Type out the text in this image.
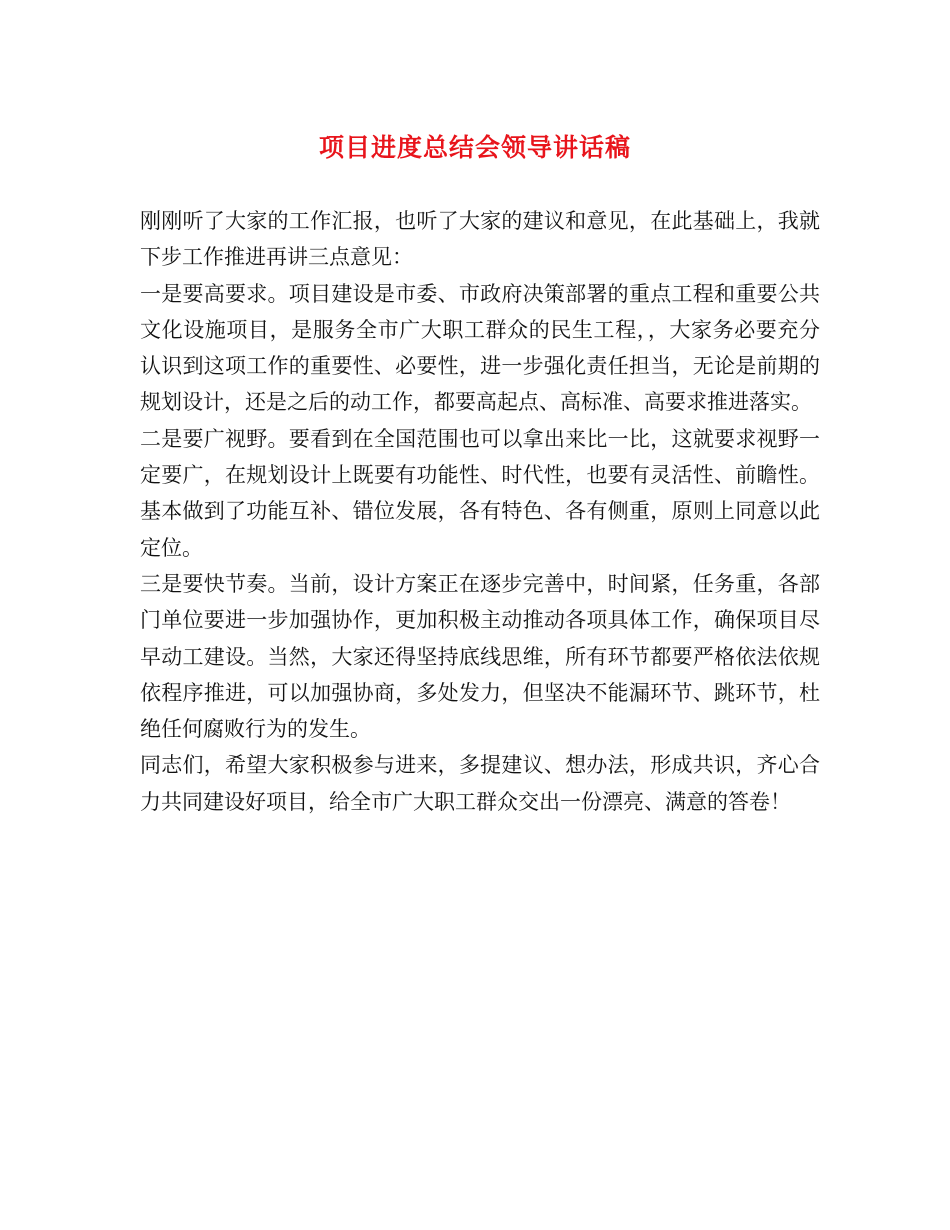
项目进度总结会领导讲话稿

刚刚听了大家的工作汇报，也听了大家的建议和意见，在此基础上，我就下步工作推进再讲三点意见：

一是要高要求。项目建设是市委、市政府决策部署的重点工程和重要公共文化设施项目，是服务全市广大职工群众的民生工程，，大家务必要充分认识到这项工作的重要性、必要性，进一步强化责任担当，无论是前期的规划设计，还是之后的动工作，都要高起点、高标准、高要求推进落实。

二是要广视野。要看到在全国范围也可以拿出来比一比，这就要求视野一定要广，在规划设计上既要有功能性、时代性，也要有灵活性、前瞻性。基本做到了功能互补、错位发展，各有特色、各有侧重，原则上同意以此定位。

三是要快节奏。当前，设计方案正在逐步完善中，时间紧，任务重，各部门单位要进一步加强协作，更加积极主动推动各项具体工作，确保项目尽早动工建设。当然，大家还得坚持底线思维，所有环节都要严格依法依规依程序推进，可以加强协商，多处发力，但坚决不能漏环节、跳环节，杜绝任何腐败行为的发生。

同志们，希望大家积极参与进来，多提建议、想办法，形成共识，齐心合力共同建设好项目，给全市广大职工群众交出一份漂亮、满意的答卷！
